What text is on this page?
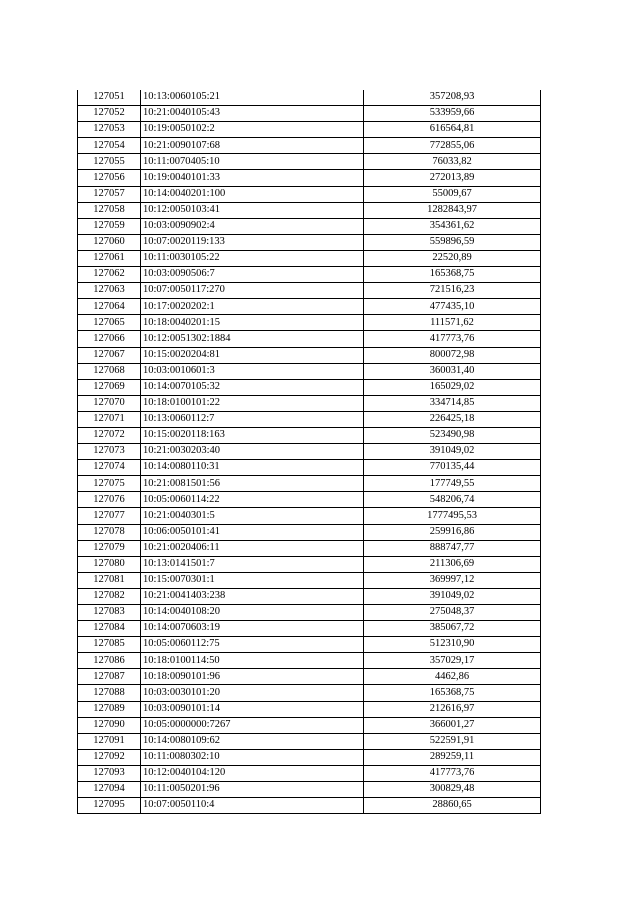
127051	10:13:0060105:21	357208,93
127052	10:21:0040105:43	533959,66
127053	10:19:0050102:2	616564,81
127054	10:21:0090107:68	772855,06
127055	10:11:0070405:10	76033,82
127056	10:19:0040101:33	272013,89
127057	10:14:0040201:100	55009,67
127058	10:12:0050103:41	1282843,97
127059	10:03:0090902:4	354361,62
127060	10:07:0020119:133	559896,59
127061	10:11:0030105:22	22520,89
127062	10:03:0090506:7	165368,75
127063	10:07:0050117:270	721516,23
127064	10:17:0020202:1	477435,10
127065	10:18:0040201:15	111571,62
127066	10:12:0051302:1884	417773,76
127067	10:15:0020204:81	800072,98
127068	10:03:0010601:3	360031,40
127069	10:14:0070105:32	165029,02
127070	10:18:0100101:22	334714,85
127071	10:13:0060112:7	226425,18
127072	10:15:0020118:163	523490,98
127073	10:21:0030203:40	391049,02
127074	10:14:0080110:31	770135,44
127075	10:21:0081501:56	177749,55
127076	10:05:0060114:22	548206,74
127077	10:21:0040301:5	1777495,53
127078	10:06:0050101:41	259916,86
127079	10:21:0020406:11	888747,77
127080	10:13:0141501:7	211306,69
127081	10:15:0070301:1	369997,12
127082	10:21:0041403:238	391049,02
127083	10:14:0040108:20	275048,37
127084	10:14:0070603:19	385067,72
127085	10:05:0060112:75	512310,90
127086	10:18:0100114:50	357029,17
127087	10:18:0090101:96	4462,86
127088	10:03:0030101:20	165368,75
127089	10:03:0090101:14	212616,97
127090	10:05:0000000:7267	366001,27
127091	10:14:0080109:62	522591,91
127092	10:11:0080302:10	289259,11
127093	10:12:0040104:120	417773,76
127094	10:11:0050201:96	300829,48
127095	10:07:0050110:4	28860,65
